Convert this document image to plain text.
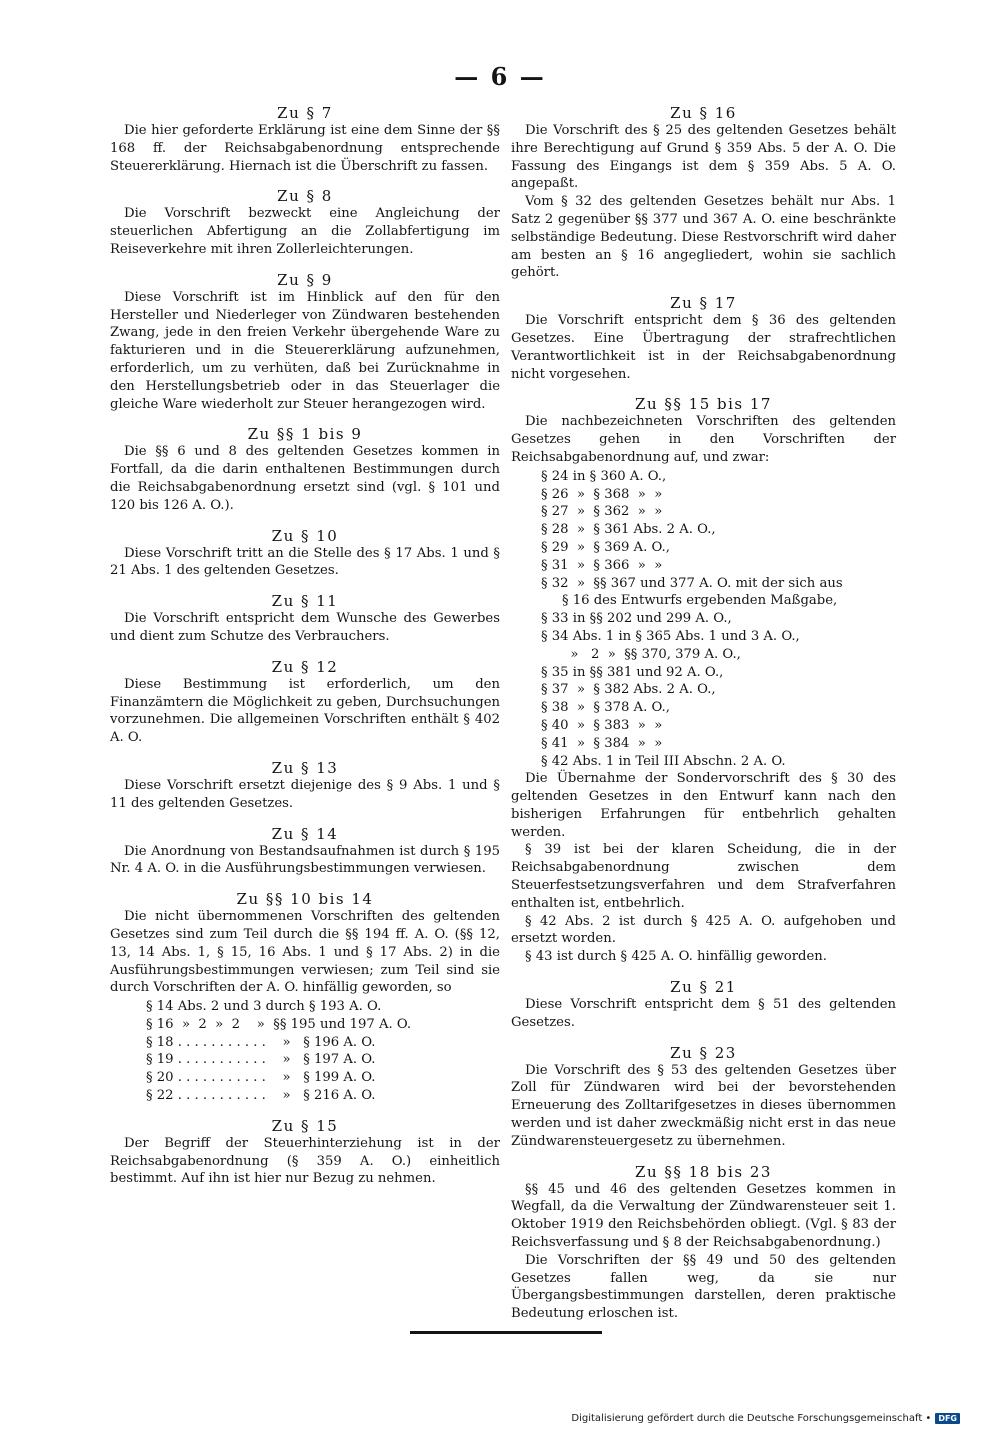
— 6 —
Zu § 7

Die hier geforderte Erklärung ist eine dem Sinne der §§ 168 ff. der Reichsabgabenordnung entsprechende Steuererklärung. Hiernach ist die Überschrift zu fassen.

Zu § 8

Die Vorschrift bezweckt eine Angleichung der steuerlichen Abfertigung an die Zollabfertigung im Reiseverkehre mit ihren Zollerleichterungen.

Zu § 9

Diese Vorschrift ist im Hinblick auf den für den Hersteller und Niederleger von Zündwaren bestehenden Zwang, jede in den freien Verkehr übergehende Ware zu fakturieren und in die Steuererklärung aufzunehmen, erforderlich, um zu verhüten, daß bei Zurücknahme in den Herstellungsbetrieb oder in das Steuerlager die gleiche Ware wiederholt zur Steuer herangezogen wird.

Zu §§ 1 bis 9

Die §§ 6 und 8 des geltenden Gesetzes kommen in Fortfall, da die darin enthaltenen Bestimmungen durch die Reichsabgabenordnung ersetzt sind (vgl. § 101 und 120 bis 126 A. O.).

Zu § 10

Diese Vorschrift tritt an die Stelle des § 17 Abs. 1 und § 21 Abs. 1 des geltenden Gesetzes.

Zu § 11

Die Vorschrift entspricht dem Wunsche des Gewerbes und dient zum Schutze des Verbrauchers.

Zu § 12

Diese Bestimmung ist erforderlich, um den Finanzämtern die Möglichkeit zu geben, Durchsuchungen vorzunehmen. Die allgemeinen Vorschriften enthält § 402 A. O.

Zu § 13

Diese Vorschrift ersetzt diejenige des § 9 Abs. 1 und § 11 des geltenden Gesetzes.

Zu § 14

Die Anordnung von Bestandsaufnahmen ist durch § 195 Nr. 4 A. O. in die Ausführungsbestimmungen verwiesen.

Zu §§ 10 bis 14

Die nicht übernommenen Vorschriften des geltenden Gesetzes sind zum Teil durch die §§ 194 ff. A. O. (§§ 12, 13, 14 Abs. 1, § 15, 16 Abs. 1 und § 17 Abs. 2) in die Ausführungsbestimmungen verwiesen; zum Teil sind sie durch Vorschriften der A. O. hinfällig geworden, so

§ 14 Abs. 2 und 3 durch § 193 A. O.
§ 16  »  2  »  2    »  §§ 195 und 197 A. O.
§ 18 . . . . . . . . . . .    »   § 196 A. O.
§ 19 . . . . . . . . . . .    »   § 197 A. O.
§ 20 . . . . . . . . . . .    »   § 199 A. O.
§ 22 . . . . . . . . . . .    »   § 216 A. O.
Zu § 15

Der Begriff der Steuerhinterziehung ist in der Reichsabgabenordnung (§ 359 A. O.) einheitlich bestimmt. Auf ihn ist hier nur Bezug zu nehmen.

Zu § 16

Die Vorschrift des § 25 des geltenden Gesetzes behält ihre Berechtigung auf Grund § 359 Abs. 5 der A. O. Die Fassung des Eingangs ist dem § 359 Abs. 5 A. O. angepaßt.

Vom § 32 des geltenden Gesetzes behält nur Abs. 1 Satz 2 gegenüber §§ 377 und 367 A. O. eine beschränkte selbständige Bedeutung. Diese Restvorschrift wird daher am besten an § 16 angegliedert, wohin sie sachlich gehört.

Zu § 17

Die Vorschrift entspricht dem § 36 des geltenden Gesetzes. Eine Übertragung der strafrechtlichen Verantwortlichkeit ist in der Reichsabgabenordnung nicht vorgesehen.

Zu §§ 15 bis 17

Die nachbezeichneten Vorschriften des geltenden Gesetzes gehen in den Vorschriften der Reichsabgabenordnung auf, und zwar:

§ 24 in § 360 A. O.,
§ 26  »  § 368  »  »
§ 27  »  § 362  »  »
§ 28  »  § 361 Abs. 2 A. O.,
§ 29  »  § 369 A. O.,
§ 31  »  § 366  »  »
§ 32  »  §§ 367 und 377 A. O. mit der sich aus
§ 16 des Entwurfs ergebenden Maßgabe,
§ 33 in §§ 202 und 299 A. O.,
§ 34 Abs. 1 in § 365 Abs. 1 und 3 A. O.,
»   2  »  §§ 370, 379 A. O.,
§ 35 in §§ 381 und 92 A. O.,
§ 37  »  § 382 Abs. 2 A. O.,
§ 38  »  § 378 A. O.,
§ 40  »  § 383  »  »
§ 41  »  § 384  »  »
§ 42 Abs. 1 in Teil III Abschn. 2 A. O.

Die Übernahme der Sondervorschrift des § 30 des geltenden Gesetzes in den Entwurf kann nach den bisherigen Erfahrungen für entbehrlich gehalten werden.

§ 39 ist bei der klaren Scheidung, die in der Reichsabgabenordnung zwischen dem Steuerfestsetzungsverfahren und dem Strafverfahren enthalten ist, entbehrlich.

§ 42 Abs. 2 ist durch § 425 A. O. aufgehoben und ersetzt worden.

§ 43 ist durch § 425 A. O. hinfällig geworden.

Zu § 21

Diese Vorschrift entspricht dem § 51 des geltenden Gesetzes.

Zu § 23

Die Vorschrift des § 53 des geltenden Gesetzes über Zoll für Zündwaren wird bei der bevorstehenden Erneuerung des Zolltarifgesetzes in dieses übernommen werden und ist daher zweckmäßig nicht erst in das neue Zündwarensteuergesetz zu übernehmen.

Zu §§ 18 bis 23

§§ 45 und 46 des geltenden Gesetzes kommen in Wegfall, da die Verwaltung der Zündwarensteuer seit 1. Oktober 1919 den Reichsbehörden obliegt. (Vgl. § 83 der Reichsverfassung und § 8 der Reichsabgabenordnung.)

Die Vorschriften der §§ 49 und 50 des geltenden Gesetzes fallen weg, da sie nur Übergangsbestimmungen darstellen, deren praktische Bedeutung erloschen ist.

Digitalisierung gefördert durch die Deutsche Forschungsgemeinschaft • DFG
